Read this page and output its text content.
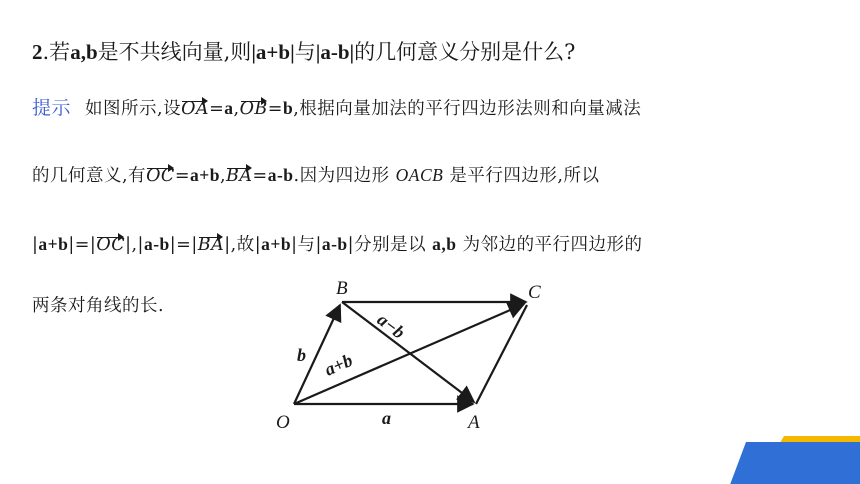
2.若a,b是不共线向量,则|a+b|与|a-b|的几何意义分别是什么?
提示 如图所示,设OA=a,OB=b,根据向量加法的平行四边形法则和向量减法
的几何意义,有OC=a+b,BA=a-b.因为四边形 OACB 是平行四边形,所以
|a+b|=|OC|,|a-b|=|BA|,故|a+b|与|a-b|分别是以 a,b 为邻边的平行四边形的
两条对角线的长.
O	A
B	C
a
b a+b
a−b
